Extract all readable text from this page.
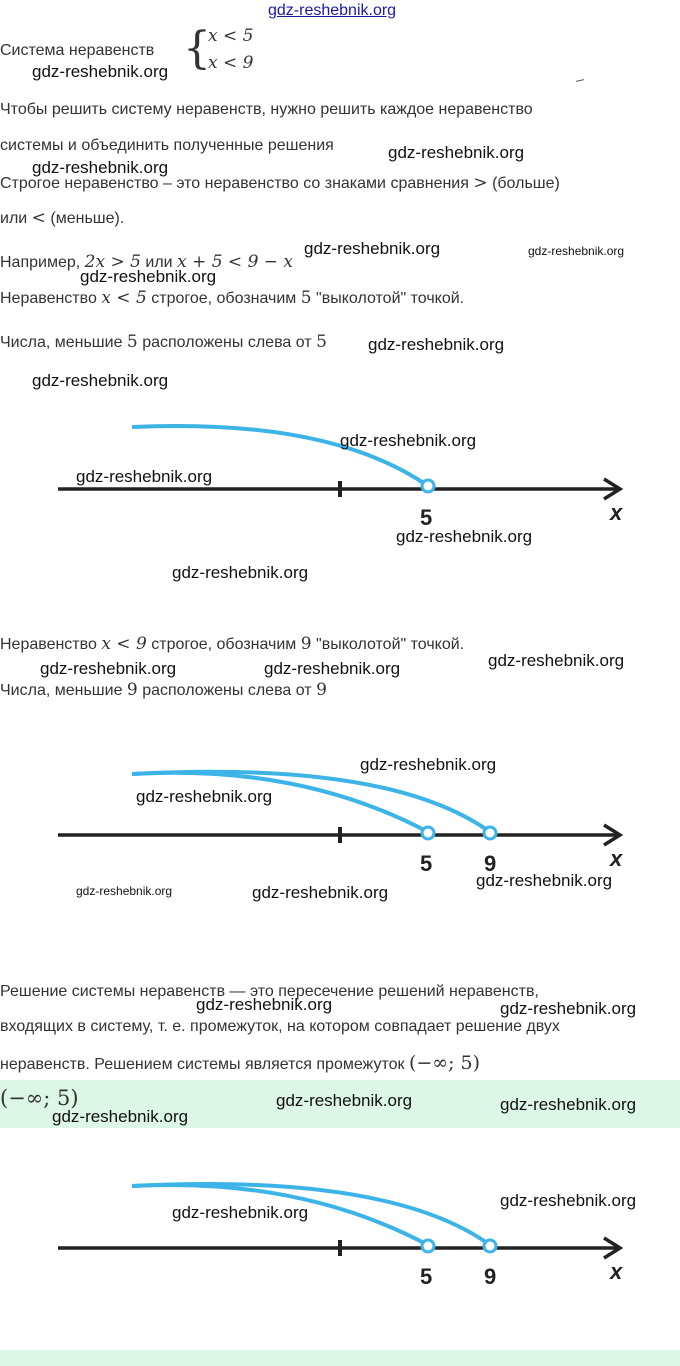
gdz-reshebnik.org
Система неравенств {
x < 5
x < 9
gdz-reshebnik.org
Чтобы решить систему неравенств, нужно решить каждое неравенство
системы и объединить полученные решения	gdz-reshebnik.org
gdz-reshebnik.org
Строгое неравенство – это неравенство со знаками сравнения > (больше)
или < (меньше).
Например, 2x > 5 или x + 5 < 9 − x
gdz-reshebnik.org	gdz-reshebnik.org
gdz-reshebnik.org
Неравенство x < 5 строгое, обозначим 5 "выколотой" точкой.
Числа, меньшие 5 расположены слева от 5 gdz-reshebnik.org
gdz-reshebnik.org
5	x
gdz-reshebnik.org
gdz-reshebnik.org
gdz-reshebnik.org
gdz-reshebnik.org
Неравенство x < 9 строгое, обозначим 9 "выколотой" точкой.
gdz-reshebnik.org	gdz-reshebnik.org	gdz-reshebnik.org
Числа, меньшие 9 расположены слева от 9
5 9	x
gdz-reshebnik.org
gdz-reshebnik.org
gdz-reshebnik.org
gdz-reshebnik.org	gdz-reshebnik.org
Решение системы неравенств — это пересечение решений неравенств,
gdz-reshebnik.org	gdz-reshebnik.org
входящих в систему, т. е. промежуток, на котором совпадает решение двух
неравенств. Решением системы является промежуток (−∞; 5)
(−∞; 5)	gdz-reshebnik.org	gdz-reshebnik.org
gdz-reshebnik.org
5 9	x
gdz-reshebnik.org
gdz-reshebnik.org
